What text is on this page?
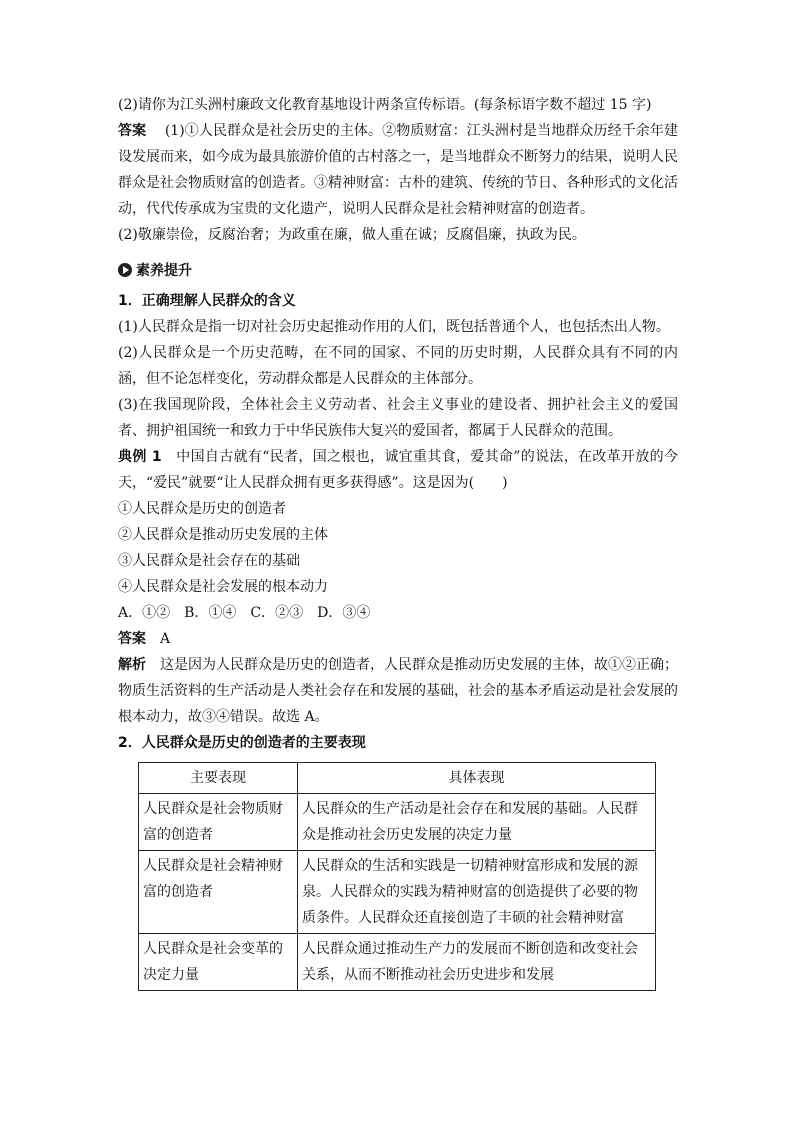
(2)请你为江头洲村廉政文化教育基地设计两条宣传标语。(每条标语字数不超过 15 字)

答案　 (1)①人民群众是社会历史的主体。②物质财富：江头洲村是当地群众历经千余年建设发展而来，如今成为最具旅游价值的古村落之一，是当地群众不断努力的结果，说明人民群众是社会物质财富的创造者。③精神财富：古朴的建筑、传统的节日、各种形式的文化活动，代代传承成为宝贵的文化遗产，说明人民群众是社会精神财富的创造者。

(2)敬廉崇俭，反腐治奢；为政重在廉，做人重在诚；反腐倡廉，执政为民。

素养提升

1．正确理解人民群众的含义

(1)人民群众是指一切对社会历史起推动作用的人们，既包括普通个人，也包括杰出人物。

(2)人民群众是一个历史范畴，在不同的国家、不同的历史时期，人民群众具有不同的内涵，但不论怎样变化，劳动群众都是人民群众的主体部分。

(3)在我国现阶段，全体社会主义劳动者、社会主义事业的建设者、拥护社会主义的爱国者、拥护祖国统一和致力于中华民族伟大复兴的爱国者，都属于人民群众的范围。

典例 1　 中国自古就有“民者，国之根也，诚宜重其食，爱其命”的说法，在改革开放的今天，“爱民”就要“让人民群众拥有更多获得感”。这是因为(　　)

①人民群众是历史的创造者

②人民群众是推动历史发展的主体

③人民群众是社会存在的基础

④人民群众是社会发展的根本动力

A．①②　B．①④　C．②③　D．③④

答案　 A

解析　 这是因为人民群众是历史的创造者，人民群众是推动历史发展的主体，故①②正确；物质生活资料的生产活动是人类社会存在和发展的基础，社会的基本矛盾运动是社会发展的根本动力，故③④错误。故选 A。

2．人民群众是历史的创造者的主要表现

主要表现	具体表现
人民群众是社会物质财富的创造者	人民群众的生产活动是社会存在和发展的基础。人民群众是推动社会历史发展的决定力量
人民群众是社会精神财富的创造者	人民群众的生活和实践是一切精神财富形成和发展的源泉。人民群众的实践为精神财富的创造提供了必要的物质条件。人民群众还直接创造了丰硕的社会精神财富
人民群众是社会变革的决定力量	人民群众通过推动生产力的发展而不断创造和改变社会关系，从而不断推动社会历史进步和发展
